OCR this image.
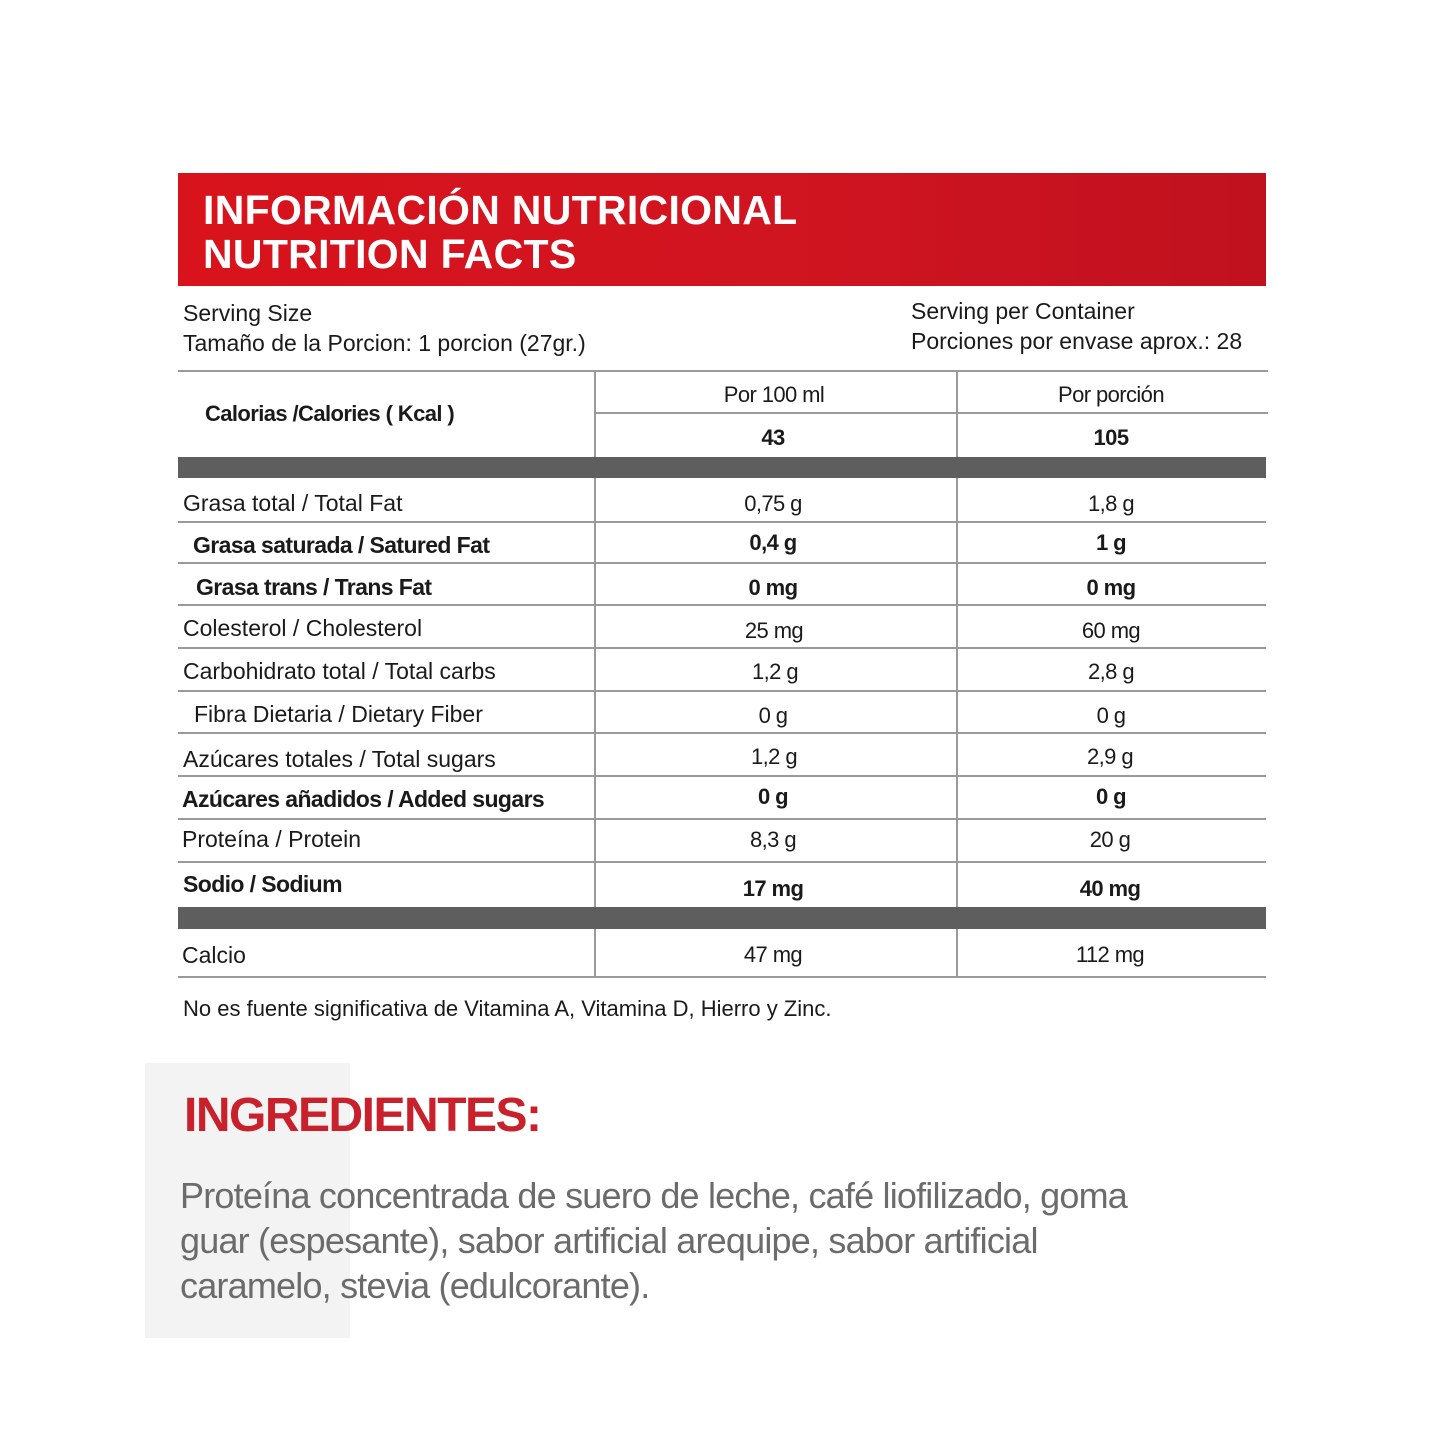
INFORMACIÓN NUTRICIONAL
NUTRITION FACTS
Serving Size
Tamaño de la Porcion: 1 porcion (27gr.)
Serving per Container
Porciones por envase aprox.: 28
Calorias /Calories ( Kcal )
Por 100 ml	Por porción
43	105
Grasa total / Total Fat	0,75 g	1,8 g
Grasa saturada / Satured Fat	0,4 g	1 g
Grasa trans / Trans Fat	0 mg	0 mg
Colesterol / Cholesterol	25 mg	60 mg
Carbohidrato total / Total carbs	1,2 g	2,8 g
Fibra Dietaria / Dietary Fiber	0 g	0 g
Azúcares totales / Total sugars	1,2 g	2,9 g
Azúcares añadidos / Added sugars	0 g	0 g
Proteína / Protein	8,3 g	20 g
Sodio / Sodium	17 mg	40 mg
Calcio	47 mg	112 mg
No es fuente significativa de Vitamina A, Vitamina D, Hierro y Zinc.
INGREDIENTES:
Proteína concentrada de suero de leche, café liofilizado, goma guar (espesante), sabor artificial arequipe, sabor artificial caramelo, stevia (edulcorante).
